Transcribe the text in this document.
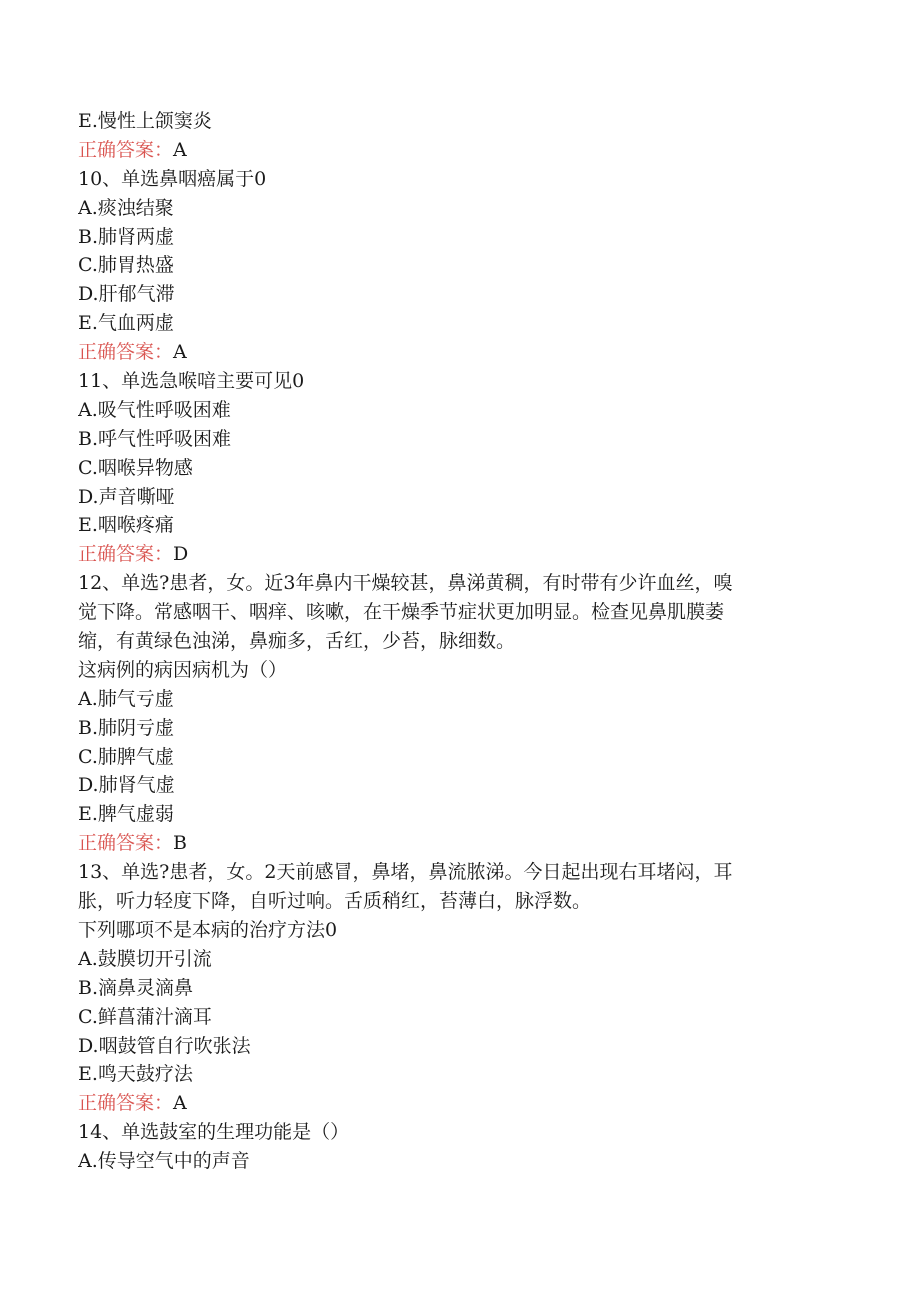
E.慢性上颌窦炎
正确答案：A
10、单选鼻咽癌属于0
A.痰浊结聚
B.肺肾两虚
C.肺胃热盛
D.肝郁气滞
E.气血两虚
正确答案：A
11、单选急喉喑主要可见0
A.吸气性呼吸困难
B.呼气性呼吸困难
C.咽喉异物感
D.声音嘶哑
E.咽喉疼痛
正确答案：D
12、单选?患者，女。近3年鼻内干燥较甚，鼻涕黄稠，有时带有少许血丝，嗅
觉下降。常感咽干、咽痒、咳嗽，在干燥季节症状更加明显。检查见鼻肌膜萎
缩，有黄绿色浊涕，鼻痂多，舌红，少苔，脉细数。
这病例的病因病机为（）
A.肺气亏虚
B.肺阴亏虚
C.肺脾气虚
D.肺肾气虚
E.脾气虚弱
正确答案：B
13、单选?患者，女。2天前感冒，鼻堵，鼻流脓涕。今日起出现右耳堵闷，耳
胀，听力轻度下降，自听过响。舌质稍红，苔薄白，脉浮数。
下列哪项不是本病的治疗方法0
A.鼓膜切开引流
B.滴鼻灵滴鼻
C.鲜菖蒲汁滴耳
D.咽鼓管自行吹张法
E.鸣天鼓疗法
正确答案：A
14、单选鼓室的生理功能是（）
A.传导空气中的声音
